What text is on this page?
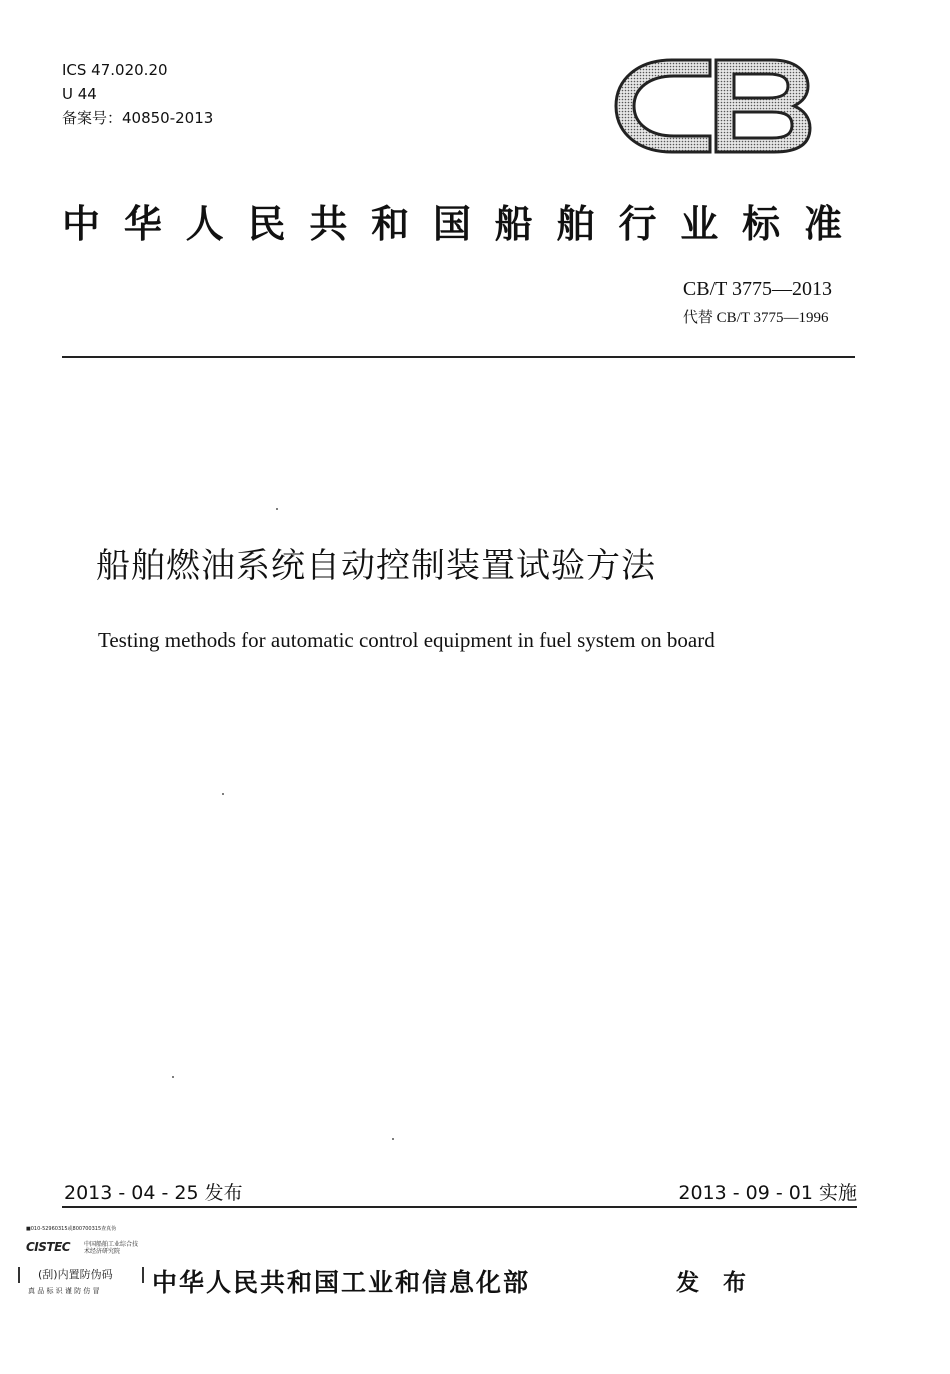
ICS 47.020.20
U 44
备案号：40850-2013
中 华 人 民 共 和 国 船 舶 行 业 标 准
CB/T 3775—2013
代替 CB/T 3775—1996
船舶燃油系统自动控制装置试验方法
Testing methods for automatic control equipment in fuel system on board
2013 - 04 - 25 发布	2013 - 09 - 01 实施
■010-52960315或800700315查真伪
CISTEC 中国船舶工业综合技术经济研究院
(刮)内置防伪码
真 品 标 识 谨 防 仿 冒 中华人民共和国工业和信息化部	发 布
